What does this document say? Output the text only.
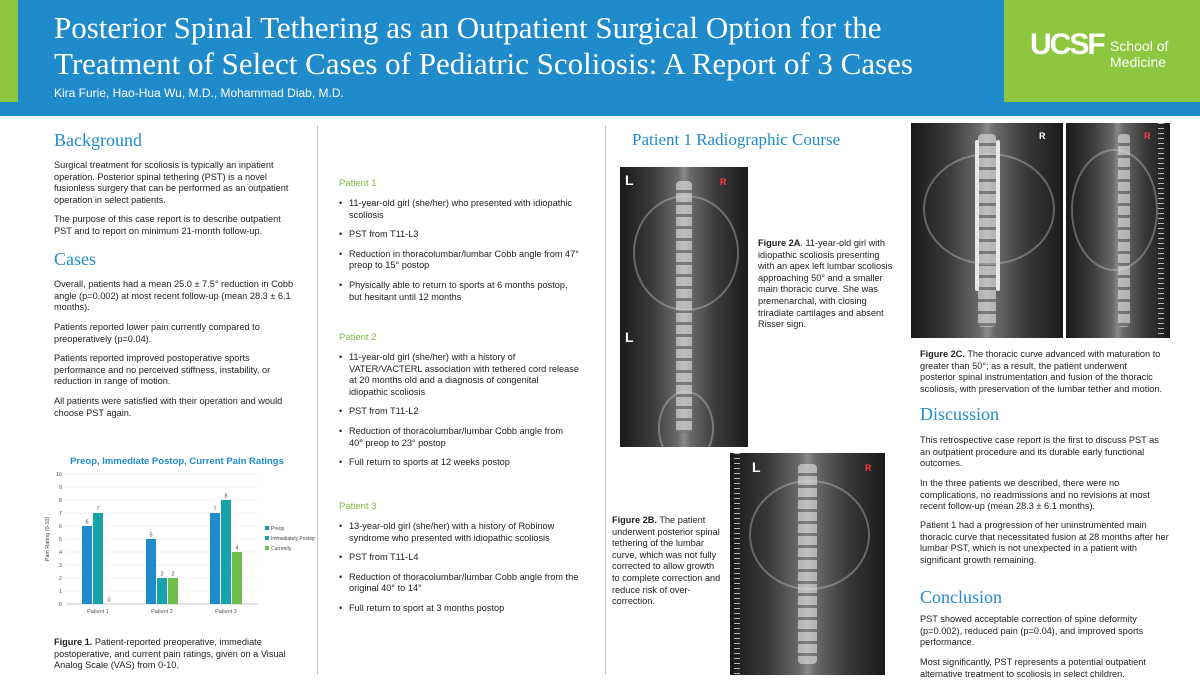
Posterior Spinal Tethering as an Outpatient Surgical Option for the
Treatment of Select Cases of Pediatric Scoliosis: A Report of 3 Cases
Kira Furie, Hao-Hua Wu, M.D., Mohammad Diab, M.D.
UCSF School of
Medicine
Background

Surgical treatment for scoliosis is typically an inpatient operation. Posterior spinal tethering (PST) is a novel fusionless surgery that can be performed as an outpatient operation in select patients.

The purpose of this case report is to describe outpatient PST and to report on minimum 21-month follow-up.

Cases

Overall, patients had a mean 25.0 ± 7.5° reduction in Cobb angle (p=0.002) at most recent follow-up (mean 28.3 ± 6.1 months).

Patients reported lower pain currently compared to preoperatively (p=0.04).

Patients reported improved postoperative sports performance and no perceived stiffness, instability, or reduction in range of motion.

All patients were satisfied with their operation and would choose PST again.

Preop, Immediate Postop, Current Pain Ratings
Pain Rating (0-10)
0
1
2
3
4
5
6
7
8
9
10
6
7
0
Patient 1
5
2 2
Patient 2
7
8
4
Patient 3
Preop
Immediately Postop
Currently

Figure 1. Patient-reported preoperative, immediate postoperative, and current pain ratings, given on a Visual Analog Scale (VAS) from 0-10.

Patient 1

• 11-year-old girl (she/her) who presented with idiopathic scoliosis
• PST from T11-L3
• Reduction in thoracolumbar/lumbar Cobb angle from 47° preop to 15° postop
• Physically able to return to sports at 6 months postop, but hesitant until 12 months

Patient 2

• 11-year-old girl (she/her) with a history of VATER/VACTERL association with tethered cord release at 20 months old and a diagnosis of congenital idiopathic scoliosis
• PST from T11-L2
• Reduction of thoracolumbar/lumbar Cobb angle from 40° preop to 23° postop
• Full return to sports at 12 weeks postop

Patient 3

• 13-year-old girl (she/her) with a history of Robinow syndrome who presented with idiopathic scoliosis
• PST from T11-L4
• Reduction of thoracolumbar/lumbar Cobb angle from the original 40° to 14°
• Full return to sport at 3 months postop
Patient 1 Radiographic Course
L
L
R

Figure 2A. 11-year-old girl with idiopathic scoliosis presenting with an apex left lumbar scoliosis approaching 50° and a smaller main thoracic curve. She was premenarchal, with closing triradiate cartilages and absent Risser sign.

L	R

Figure 2B. The patient underwent posterior spinal tethering of the lumbar curve, which was not fully corrected to allow growth to complete correction and reduce risk of over-correction.

R	R

Figure 2C. The thoracic curve advanced with maturation to greater than 50°; as a result, the patient underwent posterior spinal instrumentation and fusion of the thoracic scoliosis, with preservation of the lumbar tether and motion.

Discussion

This retrospective case report is the first to discuss PST as an outpatient procedure and its durable early functional outcomes.

In the three patients we described, there were no complications, no readmissions and no revisions at most recent follow-up (mean 28.3 ± 6.1 months).

Patient 1 had a progression of her uninstrumented main thoracic curve that necessitated fusion at 28 months after her lumbar PST, which is not unexpected in a patient with significant growth remaining.

Conclusion

PST showed acceptable correction of spine deformity (p=0.002), reduced pain (p=0.04), and improved sports performance.

Most significantly, PST represents a potential outpatient alternative treatment to scoliosis in select children.
